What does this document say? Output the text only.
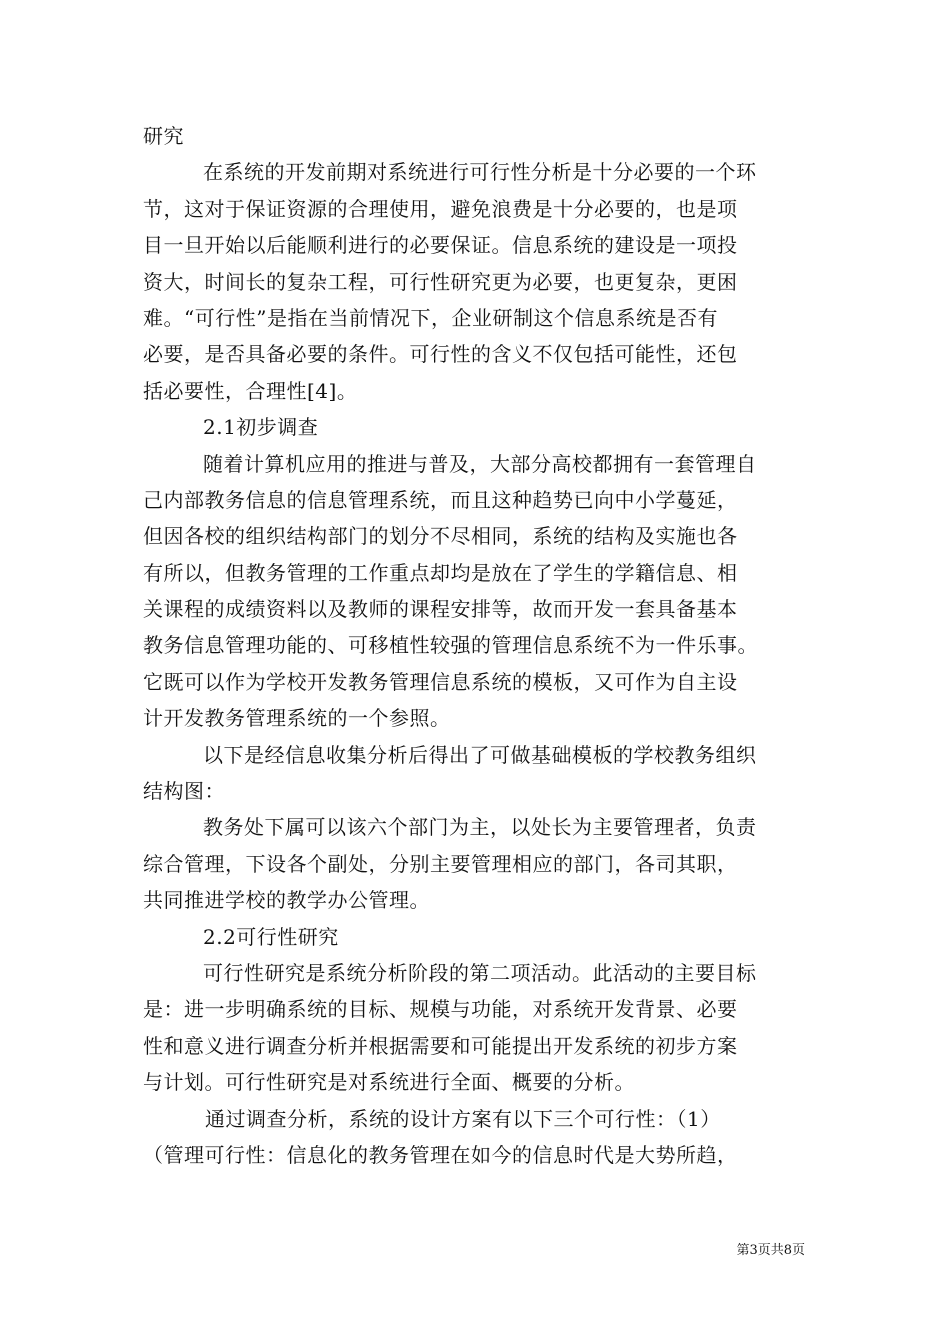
研究
在系统的开发前期对系统进行可行性分析是十分必要的一个环
节，这对于保证资源的合理使用，避免浪费是十分必要的，也是项
目一旦开始以后能顺利进行的必要保证。信息系统的建设是一项投
资大，时间长的复杂工程，可行性研究更为必要，也更复杂，更困
难。“可行性”是指在当前情况下，企业研制这个信息系统是否有
必要，是否具备必要的条件。可行性的含义不仅包括可能性，还包
括必要性，合理性[4]。
2.1初步调查
随着计算机应用的推进与普及，大部分高校都拥有一套管理自
己内部教务信息的信息管理系统，而且这种趋势已向中小学蔓延，
但因各校的组织结构部门的划分不尽相同，系统的结构及实施也各
有所以，但教务管理的工作重点却均是放在了学生的学籍信息、相
关课程的成绩资料以及教师的课程安排等，故而开发一套具备基本
教务信息管理功能的、可移植性较强的管理信息系统不为一件乐事。
它既可以作为学校开发教务管理信息系统的模板，又可作为自主设
计开发教务管理系统的一个参照。
以下是经信息收集分析后得出了可做基础模板的学校教务组织
结构图：
教务处下属可以该六个部门为主，以处长为主要管理者，负责
综合管理，下设各个副处，分别主要管理相应的部门，各司其职，
共同推进学校的教学办公管理。
2.2可行性研究
可行性研究是系统分析阶段的第二项活动。此活动的主要目标
是：进一步明确系统的目标、规模与功能，对系统开发背景、必要
性和意义进行调查分析并根据需要和可能提出开发系统的初步方案
与计划。可行性研究是对系统进行全面、概要的分析。
通过调查分析，系统的设计方案有以下三个可行性：（1）
（管理可行性：信息化的教务管理在如今的信息时代是大势所趋，
第3页共8页
